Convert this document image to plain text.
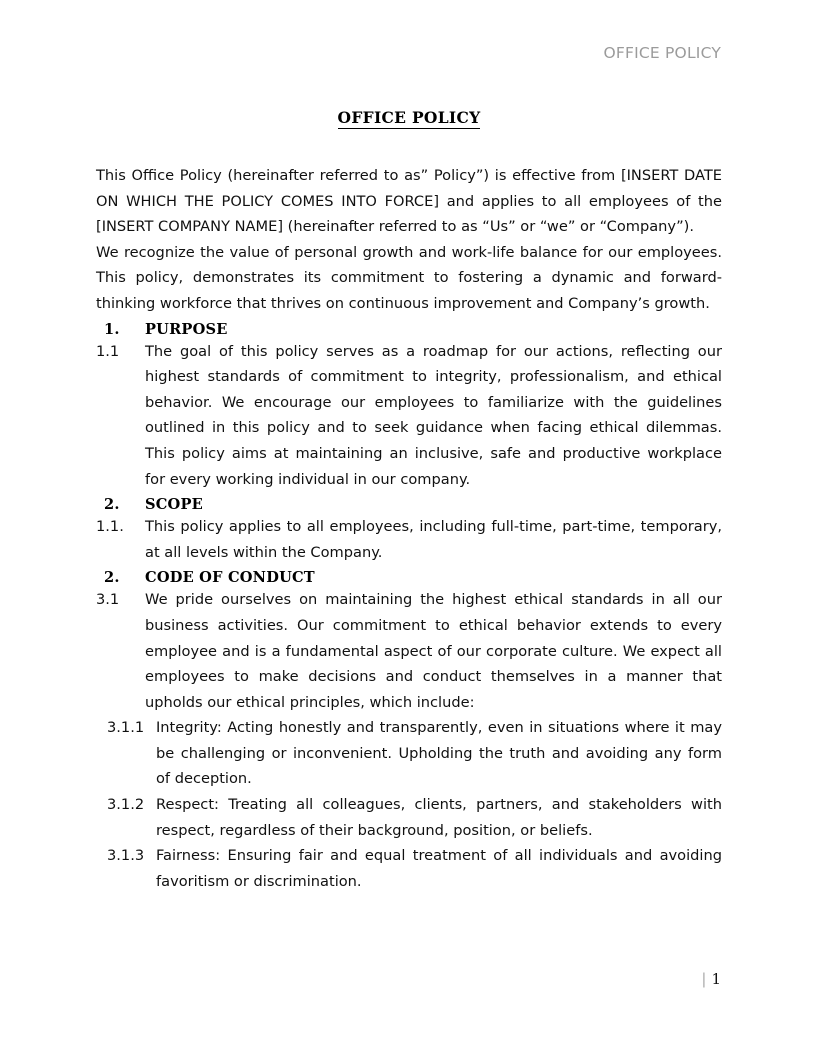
OFFICE POLICY
OFFICE POLICY

This Office Policy (hereinafter referred to as” Policy”) is effective from [INSERT DATE ON WHICH THE POLICY COMES INTO FORCE] and applies to all employees of the [INSERT COMPANY NAME] (hereinafter referred to as “Us” or “we” or “Company”).

We recognize the value of personal growth and work-life balance for our employees. This policy, demonstrates its commitment to fostering a dynamic and forward-thinking workforce that thrives on continuous improvement and Company’s growth.

1.	PURPOSE
1.1	The goal of this policy serves as a roadmap for our actions, reflecting our highest standards of commitment to integrity, professionalism, and ethical behavior. We encourage our employees to familiarize with the guidelines outlined in this policy and to seek guidance when facing ethical dilemmas. This policy aims at maintaining an inclusive, safe and productive workplace for every working individual in our company.
2.	SCOPE
1.1.	This policy applies to all employees, including full-time, part-time, temporary, at all levels within the Company.
2.	CODE OF CONDUCT
3.1	We pride ourselves on maintaining the highest ethical standards in all our business activities. Our commitment to ethical behavior extends to every employee and is a fundamental aspect of our corporate culture. We expect all employees to make decisions and conduct themselves in a manner that upholds our ethical principles, which include:
3.1.1 Integrity: Acting honestly and transparently, even in situations where it may be challenging or inconvenient. Upholding the truth and avoiding any form of deception.
3.1.2 Respect: Treating all colleagues, clients, partners, and stakeholders with respect, regardless of their background, position, or beliefs.
3.1.3 Fairness: Ensuring fair and equal treatment of all individuals and avoiding favoritism or discrimination.
| 1
